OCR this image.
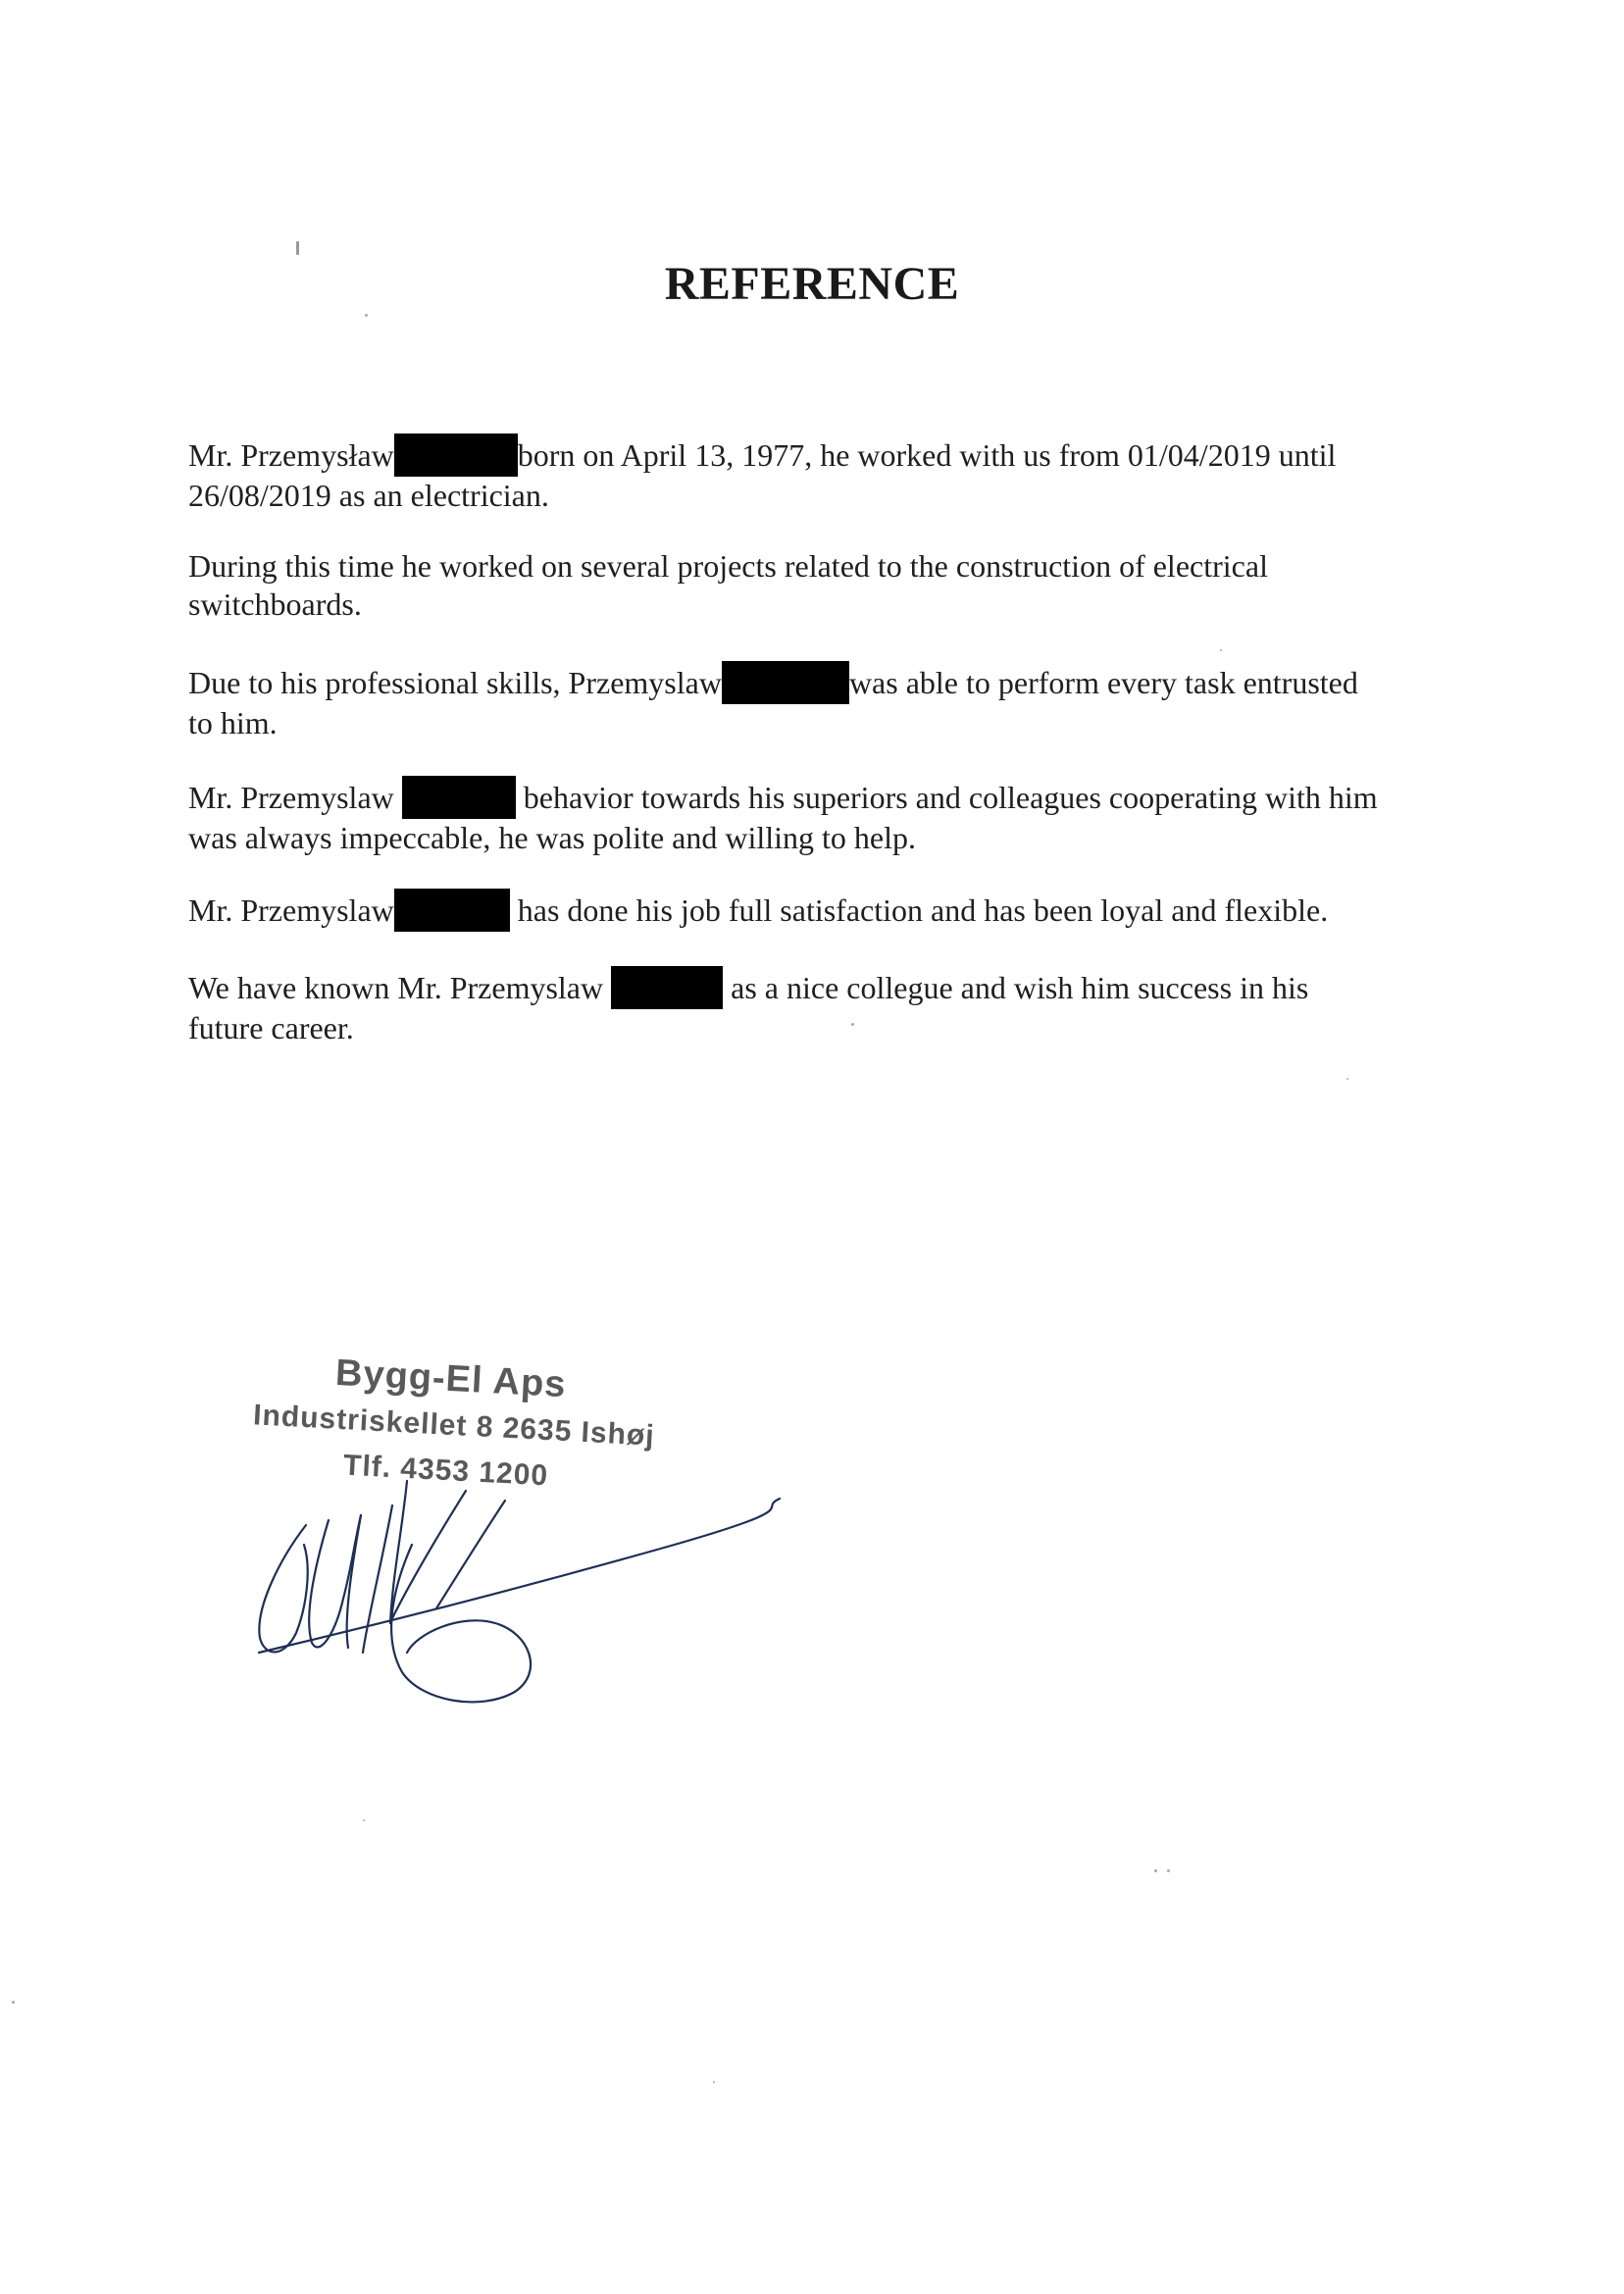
REFERENCE
Mr. Przemysław	born on April 13, 1977, he worked with us from 01/04/2019 until
26/08/2019 as an electrician.
During this time he worked on several projects related to the construction of electrical
switchboards.
Due to his professional skills, Przemyslaw	was able to perform every task entrusted
to him.
Mr. Przemyslaw	behavior towards his superiors and colleagues cooperating with him
was always impeccable, he was polite and willing to help.
Mr. Przemyslaw	has done his job full satisfaction and has been loyal and flexible.
We have known Mr. Przemyslaw	as a nice collegue and wish him success in his
future career.
Bygg-El Aps
Industriskellet 8 2635 Ishøj
Tlf. 4353 1200
